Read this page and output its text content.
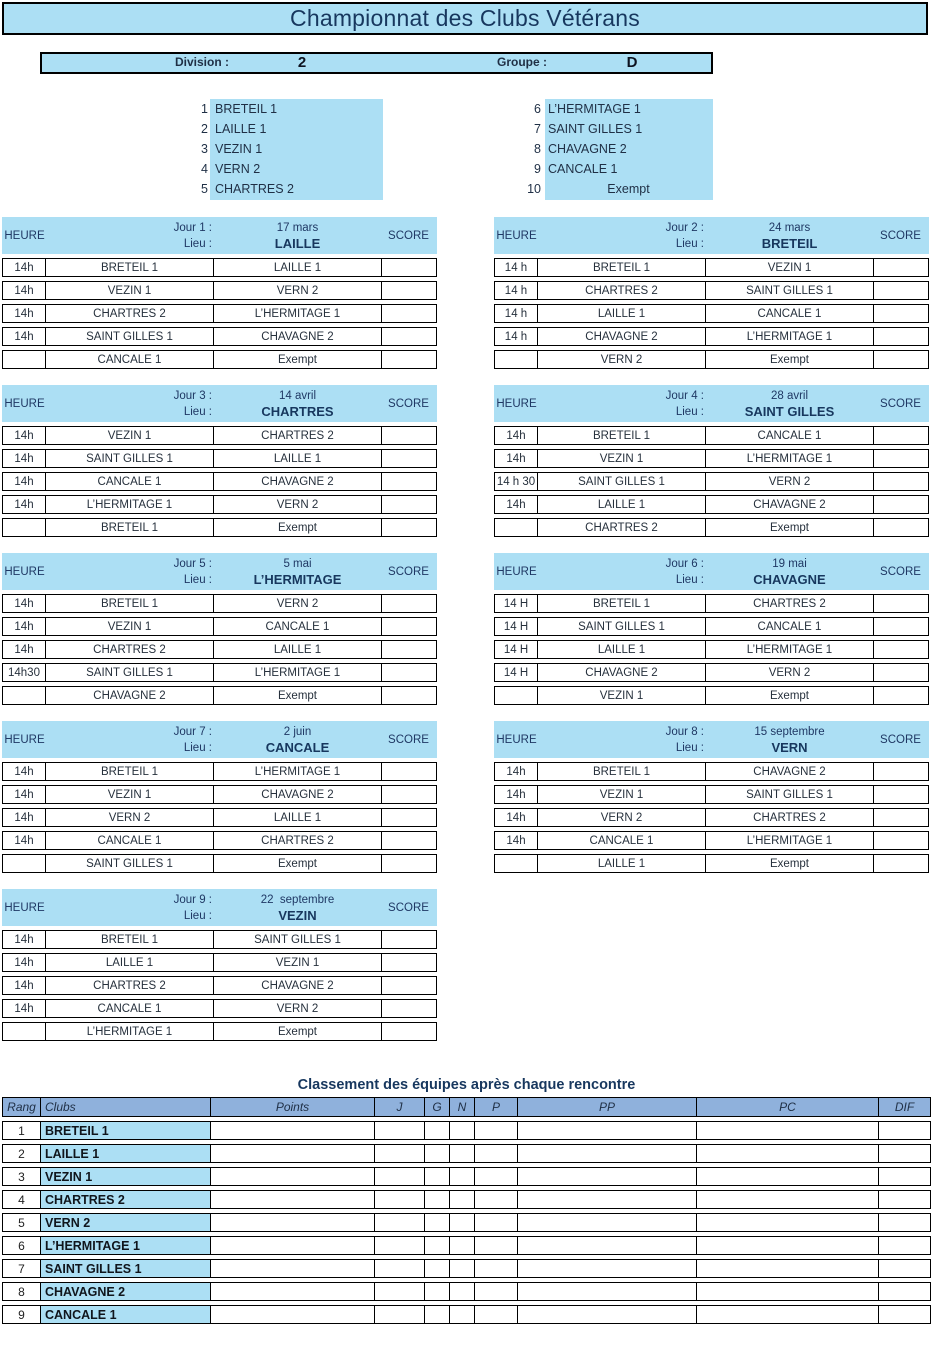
Championnat des Clubs Vétérans
Division :	2	Groupe :	D
1 BRETEIL 1
2 LAILLE 1
3 VEZIN 1
4 VERN 2
5 CHARTRES 2
6 L’HERMITAGE 1
7 SAINT GILLES 1
8 CHAVAGNE 2
9 CANCALE 1
10	Exempt
HEURE
Jour 1 :
Lieu :
17 mars
LAILLE	SCORE
14h	BRETEIL 1	LAILLE 1
14h	VEZIN 1	VERN 2
14h	CHARTRES 2	L’HERMITAGE 1
14h	SAINT GILLES 1	CHAVAGNE 2
CANCALE 1	Exempt
HEURE
Jour 2 :
Lieu :
24 mars
BRETEIL	SCORE
14 h	BRETEIL 1	VEZIN 1
14 h	CHARTRES 2	SAINT GILLES 1
14 h	LAILLE 1	CANCALE 1
14 h	CHAVAGNE 2	L’HERMITAGE 1
VERN 2	Exempt
HEURE
Jour 3 :
Lieu :
14 avril
CHARTRES	SCORE
14h	VEZIN 1	CHARTRES 2
14h	SAINT GILLES 1	LAILLE 1
14h	CANCALE 1	CHAVAGNE 2
14h	L’HERMITAGE 1	VERN 2
BRETEIL 1	Exempt
HEURE
Jour 4 :
Lieu :
28 avril
SAINT GILLES	SCORE
14h	BRETEIL 1	CANCALE 1
14h	VEZIN 1	L’HERMITAGE 1
14 h 30	SAINT GILLES 1	VERN 2
14h	LAILLE 1	CHAVAGNE 2
CHARTRES 2	Exempt
HEURE
Jour 5 :
Lieu :
5 mai
L’HERMITAGE	SCORE
14h	BRETEIL 1	VERN 2
14h	VEZIN 1	CANCALE 1
14h	CHARTRES 2	LAILLE 1
14h30	SAINT GILLES 1	L’HERMITAGE 1
CHAVAGNE 2	Exempt
HEURE
Jour 6 :
Lieu :
19 mai
CHAVAGNE	SCORE
14 H	BRETEIL 1	CHARTRES 2
14 H	SAINT GILLES 1	CANCALE 1
14 H	LAILLE 1	L’HERMITAGE 1
14 H	CHAVAGNE 2	VERN 2
VEZIN 1	Exempt
HEURE
Jour 7 :
Lieu :
2 juin
CANCALE	SCORE
14h	BRETEIL 1	L’HERMITAGE 1
14h	VEZIN 1	CHAVAGNE 2
14h	VERN 2	LAILLE 1
14h	CANCALE 1	CHARTRES 2
SAINT GILLES 1	Exempt
HEURE
Jour 8 :
Lieu :
15 septembre
VERN	SCORE
14h	BRETEIL 1	CHAVAGNE 2
14h	VEZIN 1	SAINT GILLES 1
14h	VERN 2	CHARTRES 2
14h	CANCALE 1	L’HERMITAGE 1
LAILLE 1	Exempt
HEURE
Jour 9 :
Lieu :
22  septembre
VEZIN	SCORE
14h	BRETEIL 1	SAINT GILLES 1
14h	LAILLE 1	VEZIN 1
14h	CHARTRES 2	CHAVAGNE 2
14h	CANCALE 1	VERN 2
L’HERMITAGE 1	Exempt
Classement des équipes après chaque rencontre
Rang Clubs	Points	J	G	N	P	PP	PC	DIF
1	BRETEIL 1
2	LAILLE 1
3	VEZIN 1
4	CHARTRES 2
5	VERN 2
6	L’HERMITAGE 1
7	SAINT GILLES 1
8	CHAVAGNE 2
9	CANCALE 1
